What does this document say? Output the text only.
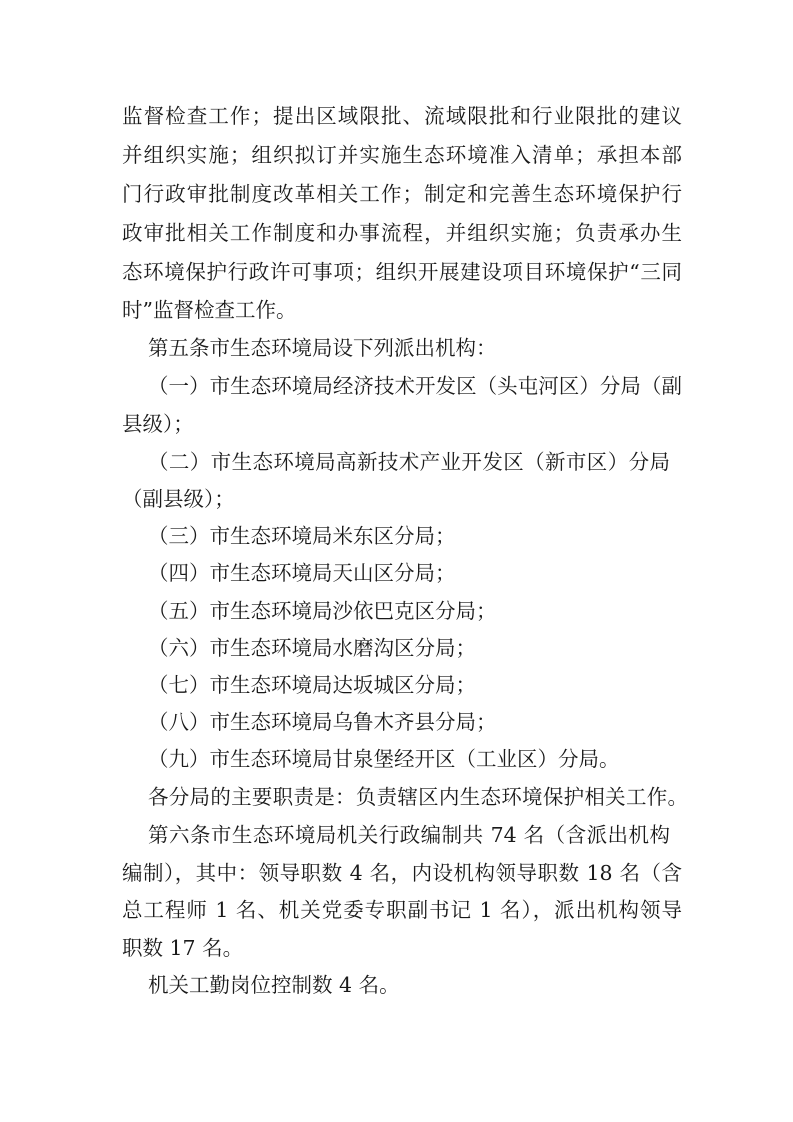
监督检查工作；提出区域限批、流域限批和行业限批的建议
并组织实施；组织拟订并实施生态环境准入清单；承担本部
门行政审批制度改革相关工作；制定和完善生态环境保护行
政审批相关工作制度和办事流程，并组织实施；负责承办生
态环境保护行政许可事项；组织开展建设项目环境保护“三同
时”监督检查工作。
第五条市生态环境局设下列派出机构：
（一）市生态环境局经济技术开发区（头屯河区）分局（副
县级）；
（二）市生态环境局高新技术产业开发区（新市区）分局
（副县级）；
（三）市生态环境局米东区分局；
（四）市生态环境局天山区分局；
（五）市生态环境局沙依巴克区分局；
（六）市生态环境局水磨沟区分局；
（七）市生态环境局达坂城区分局；
（八）市生态环境局乌鲁木齐县分局；
（九）市生态环境局甘泉堡经开区（工业区）分局。
各分局的主要职责是：负责辖区内生态环境保护相关工作。
第六条市生态环境局机关行政编制共 74 名（含派出机构
编制），其中：领导职数 4 名，内设机构领导职数 18 名（含
总工程师 1 名、机关党委专职副书记 1 名），派出机构领导
职数 17 名。
机关工勤岗位控制数 4 名。
